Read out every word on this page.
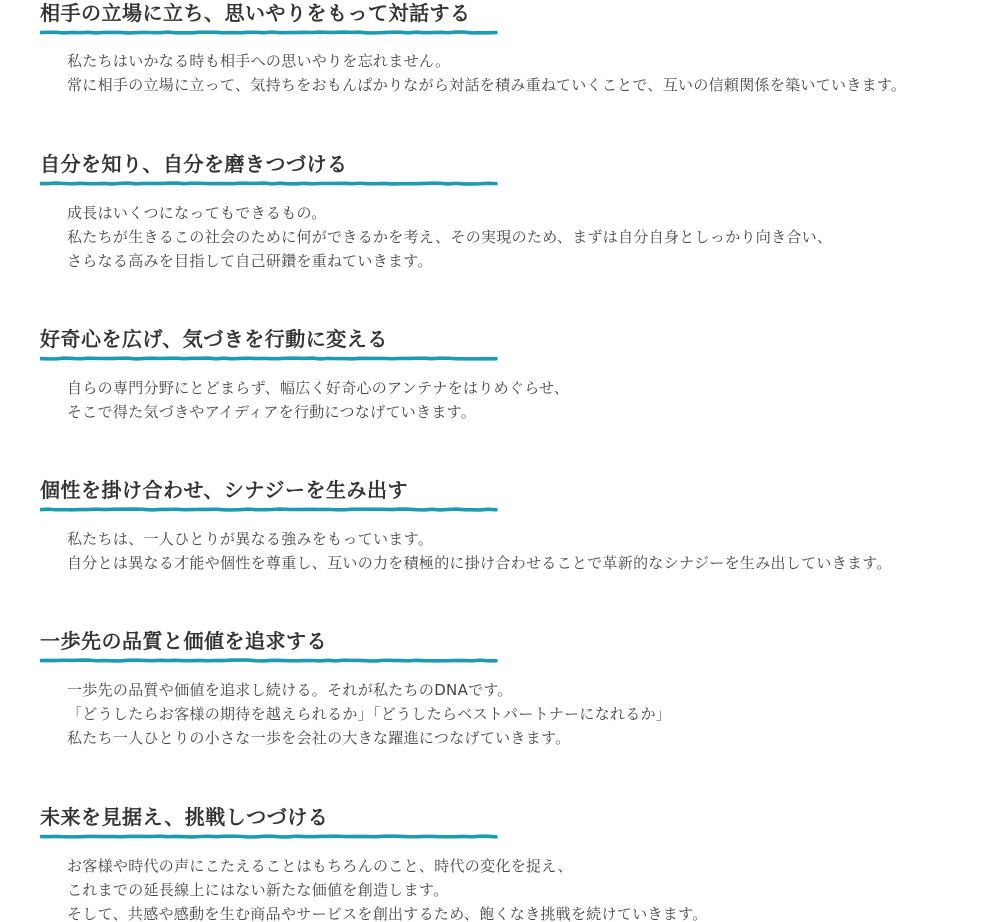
相手の立場に立ち、思いやりをもって対話する

私たちはいかなる時も相手への思いやりを忘れません。
常に相手の立場に立って、気持ちをおもんぱかりながら対話を積み重ねていくことで、互いの信頼関係を築いていきます。

自分を知り、自分を磨きつづける

成長はいくつになってもできるもの。
私たちが生きるこの社会のために何ができるかを考え、その実現のため、まずは自分自身としっかり向き合い、
さらなる高みを目指して自己研鑽を重ねていきます。

好奇心を広げ、気づきを行動に変える

自らの専門分野にとどまらず、幅広く好奇心のアンテナをはりめぐらせ、
そこで得た気づきやアイディアを行動につなげていきます。

個性を掛け合わせ、シナジーを生み出す

私たちは、一人ひとりが異なる強みをもっています。
自分とは異なる才能や個性を尊重し、互いの力を積極的に掛け合わせることで革新的なシナジーを生み出していきます。

一歩先の品質と価値を追求する

一歩先の品質や価値を追求し続ける。それが私たちのDNAです。
「どうしたらお客様の期待を越えられるか」「どうしたらベストパートナーになれるか」
私たち一人ひとりの小さな一歩を会社の大きな躍進につなげていきます。

未来を見据え、挑戦しつづける

お客様や時代の声にこたえることはもちろんのこと、時代の変化を捉え、
これまでの延長線上にはない新たな価値を創造します。
そして、共感や感動を生む商品やサービスを創出するため、飽くなき挑戦を続けていきます。
